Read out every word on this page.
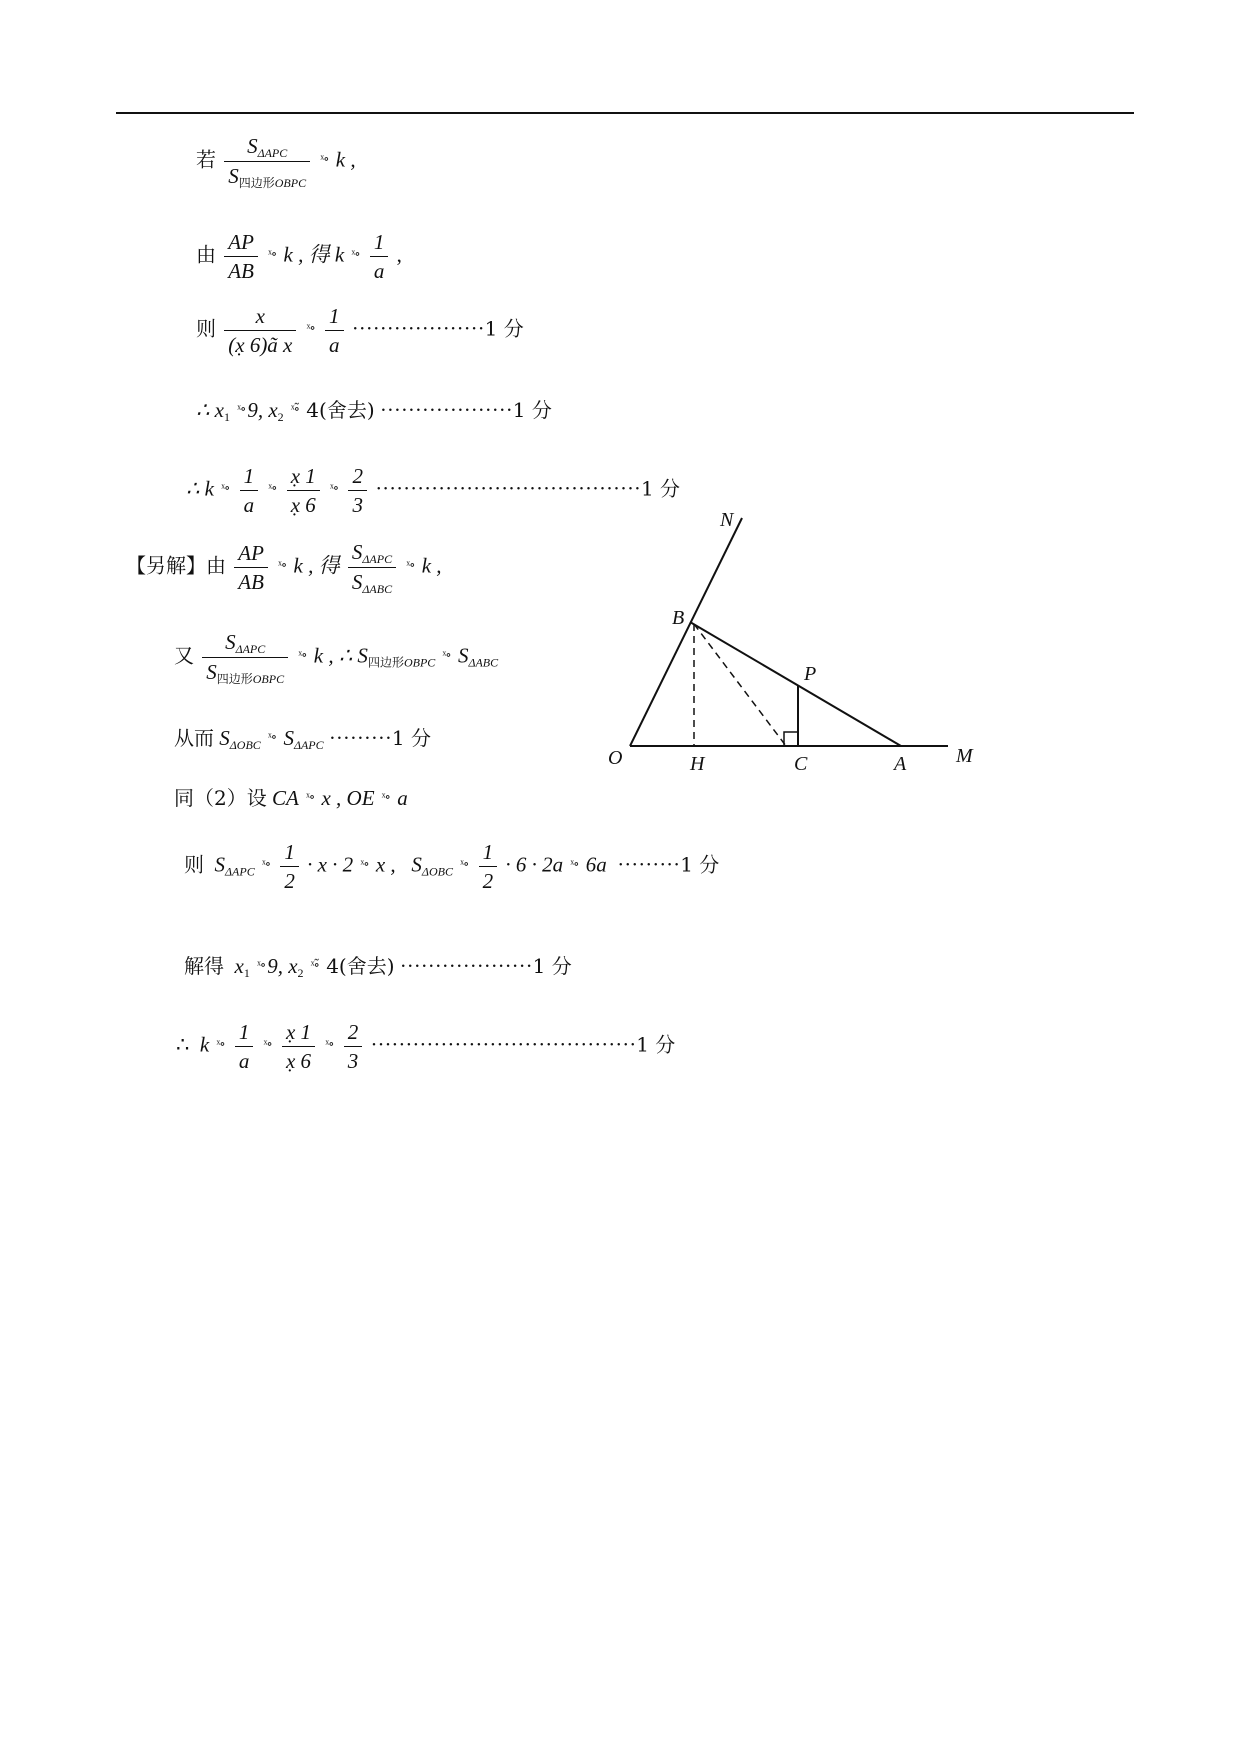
若 $\frac{S_{\Delta APC}}{S_{四边形OBPC}}$ ˣ∘ k ,
由 $\frac{AP}{AB}$ ˣ∘ k , 得 k ˣ∘ $\frac{1}{a}$ ,
则 $\frac{x}{\text{(x̣ 6)ã x}}$ ˣ∘ $\frac{1}{a} \cdot\cdot\cdot\cdot\cdot\cdot\cdot\cdot\cdot\cdot\cdot\cdot\cdot\cdot\cdot\cdot\cdot\cdot\cdot 1$ 分
∴ $x_1$ ˣ∘9, $x_2$ ˣ∘̃ 4(舍去) ···················1 分
∴ k ˣ∘ $\frac{1}{a}$ ˣ∘ $\frac{x̣ 1}{x̣ 6}$ ˣ∘ $\frac{2}{3} \cdot\cdot\cdot\cdot\cdot\cdot\cdot\cdot\cdot\cdot\cdot\cdot\cdot\cdot\cdot\cdot\cdot\cdot\cdot\cdot\cdot\cdot\cdot\cdot\cdot\cdot\cdot\cdot\cdot\cdot\cdot\cdot\cdot\cdot\cdot\cdot\cdot\cdot 1$ 分
【另解】由 $\frac{AP}{AB}$ ˣ∘ k , 得 $\frac{S_{\Delta APC}}{S_{\Delta ABC}}$ ˣ∘ k ,
又 $\frac{S_{\Delta APC}}{S_{四边形OBPC}}$ ˣ∘ k , ∴ $S_{四边形OBPC}$ ˣ∘ $S_{\Delta ABC}$
从而 $S_{\Delta OBC}$ ˣ∘ $S_{\Delta APC} \cdot\cdot\cdot\cdot\cdot\cdot\cdot\cdot\cdot 1$ 分
同（2）设 CA ˣ∘ x , OE ˣ∘ a
则 $S_{\Delta APC}$ ˣ∘ $\frac{1}{2} \cdot x \cdot 2$ ˣ∘ x , $S_{\Delta OBC}$ ˣ∘ $\frac{1}{2} \cdot 6 \cdot 2a$ ˣ∘ 6a ·········1 分
解得 $x_1$ ˣ∘9, $x_2$ ˣ∘̃ 4(舍去) ···················1 分
∴ k ˣ∘ $\frac{1}{a}$ ˣ∘ $\frac{x̣ 1}{x̣ 6}$ ˣ∘ $\frac{2}{3} \cdot\cdot\cdot\cdot\cdot\cdot\cdot\cdot\cdot\cdot\cdot\cdot\cdot\cdot\cdot\cdot\cdot\cdot\cdot\cdot\cdot\cdot\cdot\cdot\cdot\cdot\cdot\cdot\cdot\cdot\cdot\cdot\cdot\cdot\cdot\cdot\cdot\cdot 1$ 分
N
B
P
O	H	C	A M
